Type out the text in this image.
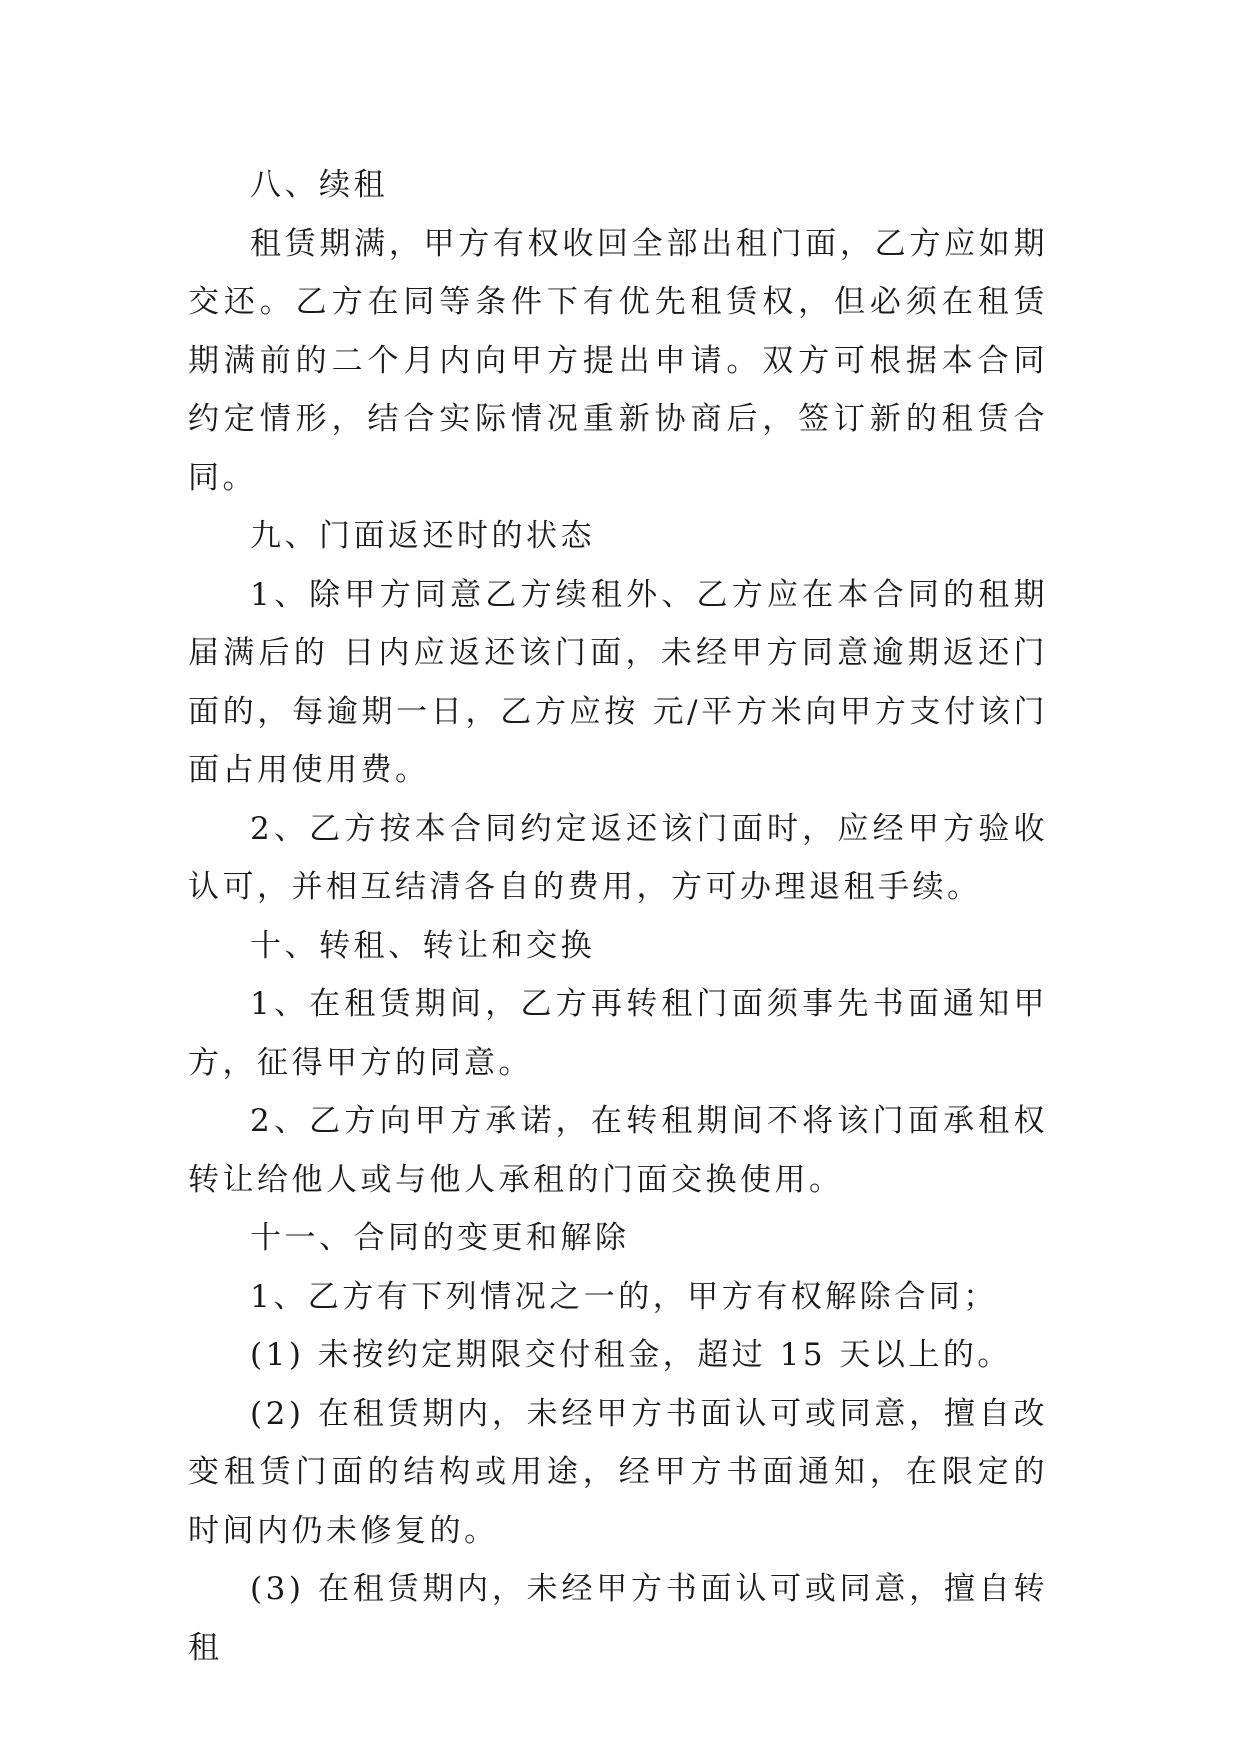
八、续租

租赁期满，甲方有权收回全部出租门面，乙方应如期交还。乙方在同等条件下有优先租赁权，但必须在租赁期满前的二个月内向甲方提出申请。双方可根据本合同约定情形，结合实际情况重新协商后，签订新的租赁合同。

九、门面返还时的状态

1、除甲方同意乙方续租外、乙方应在本合同的租期届满后的 日内应返还该门面，未经甲方同意逾期返还门面的，每逾期一日，乙方应按 元/平方米向甲方支付该门面占用使用费。

2、乙方按本合同约定返还该门面时，应经甲方验收认可，并相互结清各自的费用，方可办理退租手续。

十、转租、转让和交换

1、在租赁期间，乙方再转租门面须事先书面通知甲方，征得甲方的同意。

2、乙方向甲方承诺，在转租期间不将该门面承租权转让给他人或与他人承租的门面交换使用。

十一、合同的变更和解除

1、乙方有下列情况之一的，甲方有权解除合同；

(1) 未按约定期限交付租金，超过 15 天以上的。

(2) 在租赁期内，未经甲方书面认可或同意，擅自改变租赁门面的结构或用途，经甲方书面通知，在限定的时间内仍未修复的。

(3) 在租赁期内，未经甲方书面认可或同意，擅自转租
